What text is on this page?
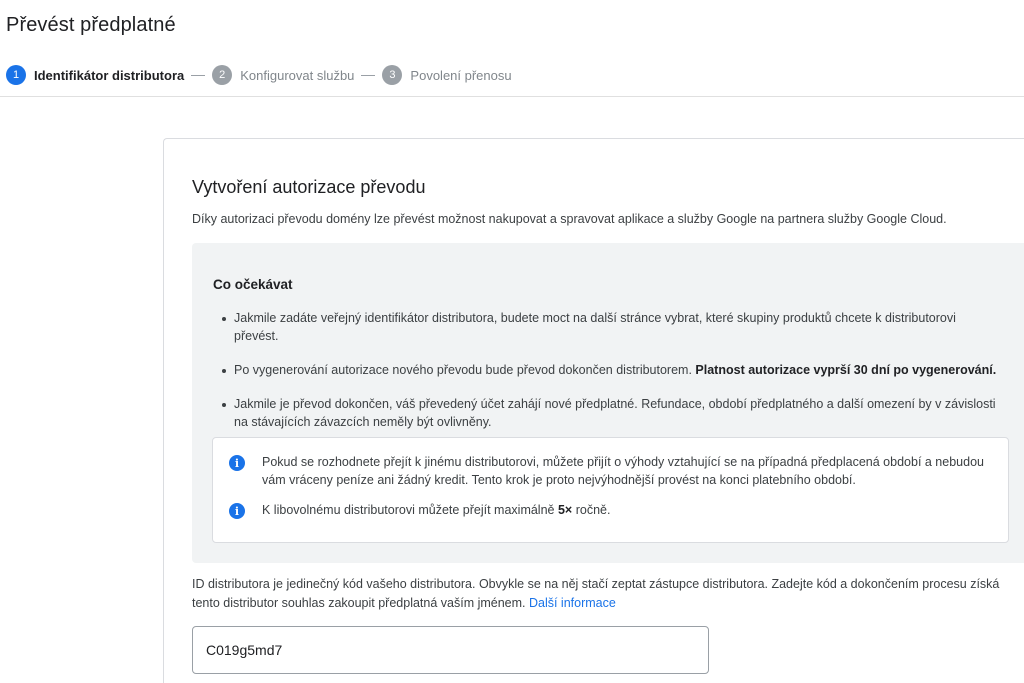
Převést předplatné
1	Identifikátor distributora	2	Konfigurovat službu	3	Povolení přenosu
Vytvoření autorizace převodu

Díky autorizaci převodu domény lze převést možnost nakupovat a spravovat aplikace a služby Google na partnera služby Google Cloud.

Co očekávat
Jakmile zadáte veřejný identifikátor distributora, budete moct na další stránce vybrat, které skupiny produktů chcete k distributorovi převést.
Po vygenerování autorizace nového převodu bude převod dokončen distributorem. Platnost autorizace vyprší 30 dní po vygenerování.
Jakmile je převod dokončen, váš převedený účet zahájí nové předplatné. Refundace, období předplatného a další omezení by v závislosti na stávajících závazcích neměly být ovlivněny.
i	Pokud se rozhodnete přejít k jinému distributorovi, můžete přijít o výhody vztahující se na případná předplacená období a nebudou vám vráceny peníze ani žádný kredit. Tento krok je proto nejvýhodnější provést na konci platebního období.
i	K libovolnému distributorovi můžete přejít maximálně 5× ročně.

ID distributora je jedinečný kód vašeho distributora. Obvykle se na něj stačí zeptat zástupce distributora. Zadejte kód a dokončením procesu získá tento distributor souhlas zakoupit předplatná vaším jménem. Další informace

C019g5md7
